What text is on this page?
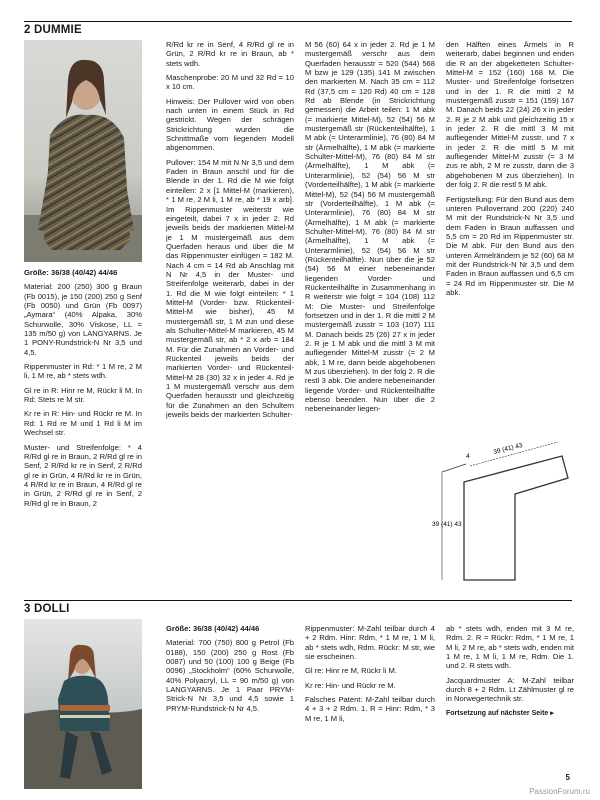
2 DUMMIE

Größe: 36/38 (40/42) 44/46

Material: 200 (250) 300 g Braun (Fb 0015), je 150 (200) 250 g Senf (Fb 0050) und Grün (Fb 0097) „Aymara“ (40% Alpaka, 30% Schurwolle, 30% Viskose, LL = 135 m/50 g) von LANGYARNS. Je 1 PONY-Rundstrick-N Nr 3,5 und 4,5.

Rippenmuster in Rd: * 1 M re, 2 M li, 1 M re, ab * stets wdh.

Gl re in R: Hinr re M, Rückr li M. In Rd: Stets re M str.

Kr re in R: Hin- und Rückr re M. In Rd: 1 Rd re M und 1 Rd li M im Wechsel str.

Muster- und Streifenfolge: * 4 R/Rd gl re in Braun, 2 R/Rd gl re in Senf, 2 R/Rd kr re in Senf, 2 R/Rd gl re in Grün, 4 R/Rd kr re in Grün, 4 R/Rd kr re in Braun, 4 R/Rd gl re in Grün, 2 R/Rd gl re in Senf, 2 R/Rd gl re in Braun, 2

R/Rd kr re in Senf, 4 R/Rd gl re in Grün, 2 R/Rd kr re in Braun, ab * stets wdh.

Maschenprobe: 20 M und 32 Rd = 10 x 10 cm.

Hinweis: Der Pullover wird von oben nach unten in einem Stück in Rd gestrickt. Wegen der schrägen Strickrichtung wurden die Schnittmaße vom liegenden Modell abgenommen.

Pullover: 154 M mit N Nr 3,5 und dem Faden in Braun anschl und für die Blende in der 1. Rd die M wie folgt einteilen: 2 x [1 Mittel-M (markieren), * 1 M re, 2 M li, 1 M re, ab * 19 x arb]. Im Rippenmuster weiterstr wie eingeteilt, dabei 7 x in jeder 2. Rd jeweils beids der markierten Mittel-M je 1 M mustergemäß aus dem Querfaden heraus und über die M das Rippenmuster einfügen = 182 M. Nach 4 cm = 14 Rd ab Anschlag mit N Nr 4,5 in der Muster- und Streifenfolge weiterarb, dabei in der 1. Rd die M wie folgt einteilen: * 1 Mittel-M (Vorder- bzw. Rückenteil-Mittel-M wie bisher), 45 M mustergemäß str, 1 M zun und diese als Schulter-Mittel-M markieren, 45 M mustergemäß str, ab * 2 x arb = 184 M. Für die Zunahmen an Vorder- und Rückenteil jeweils beids der markierten Vorder- und Rückenteil-Mittel-M 28 (30) 32 x in jeder 4. Rd je 1 M mustergemäß verschr aus dem Querfaden herausstr und gleichzeitig für die Zunahmen an den Schultern jeweils beids der markierten Schulter-

M 56 (60) 64 x in jeder 2. Rd je 1 M mustergemäß verschr aus dem Querfaden herausstr = 520 (544) 568 M bzw je 129 (135) 141 M zwischen den markierten M. Nach 35 cm = 112 Rd (37,5 cm = 120 Rd) 40 cm = 128 Rd ab Blende (in Strickrichtung gemessen) die Arbeit teilen: 1 M abk (= markierte Mittel-M), 52 (54) 56 M mustergemäß str (Rückenteilhälfte), 1 M abk (= Unterarmlinie), 76 (80) 84 M str (Ärmelhälfte), 1 M abk (= markierte Schulter-Mittel-M), 76 (80) 84 M str (Ärmelhälfte), 1 M abk (= Unterarmlinie), 52 (54) 56 M str (Vorderteilhälfte), 1 M abk (= markierte Mittel-M), 52 (54) 56 M mustergemäß str (Vorderteilhälfte), 1 M abk (= Unterarmlinie), 76 (80) 84 M str (Ärmelhälfte), 1 M abk (= markierte Schulter-Mittel-M), 76 (80) 84 M str (Ärmelhälfte), 1 M abk (= Unterarmlinie), 52 (54) 56 M str (Rückenteilhälfte). Nun über die je 52 (54) 56 M einer nebeneinander liegenden Vorder- und Rückenteilhälfte in Zusammenhang in R weiterstr wie folgt = 104 (108) 112 M: Die Muster- und Streifenfolge fortsetzen und in der 1. R die mittl 2 M mustergemäß zusstr = 103 (107) 111 M. Danach beids 25 (26) 27 x in jeder 2. R je 1 M abk und die mittl 3 M mit aufliegender Mittel-M zusstr (= 2 M abk, 1 M re, dann beide abgehobenen M zus überziehen). In der folg 2. R die restl 3 abk. Die andere nebeneinander liegende Vorder- und Rückenteilhälfte ebenso beenden. Nun über die 2 nebeneinander liegen-

den Hälften eines Ärmels in R weiterarb, dabei beginnen und enden die R an der abgeketteten Schulter-Mittel-M = 152 (160) 168 M. Die Muster- und Streifenfolge fortsetzen und in der 1. R die mittl 2 M mustergemäß zusstr = 151 (159) 167 M. Danach beids 22 (24) 26 x in jeder 2. R je 2 M abk und gleichzeitig 15 x in jeder 2. R die mittl 3 M mit aufliegender Mittel-M zusstr. und 7 x in jeder 2. R die mittl 5 M mit aufliegender Mittel-M zusstr (= 3 M zus re abh, 2 M re zusstr, dann die 3 abgehobenen M zus überziehen). In der folg 2. R die restl 5 M abk.

Fertigstellung: Für den Bund aus dem unteren Pulloverrand 200 (220) 240 M mit der Rundstrick-N Nr 3,5 und dem Faden in Braun auffassen und 5,5 cm = 20 Rd im Rippenmuster str. Die M abk. Für den Bund aus den unteren Ärmelrändern je 52 (60) 68 M mit der Rundstrick-N Nr 3,5 und dem Faden in Braun auffassen und 6,5 cm = 24 Rd im Rippenmuster str. Die M abk.

4
39 (41) 43
39 (41) 43
3 DOLLI

Größe: 36/38 (40/42) 44/46

Material: 700 (750) 800 g Petrol (Fb 0188), 150 (200) 250 g Rost (Fb 0087) und 50 (100) 100 g Beige (Fb 0096) „Stockholm“ (60% Schurwolle, 40% Polyacryl, LL = 90 m/50 g) von LANGYARNS. Je 1 Paar PRYM-Strick-N Nr 3,5 und 4,5 sowie 1 PRYM-Rundstrick-N Nr 4,5.

Rippenmuster: M-Zahl teilbar durch 4 + 2 Rdm. Hinr: Rdm, * 1 M re, 1 M li, ab * stets wdh, Rdm. Rückr: M str, wie sie erscheinen.

Gl re: Hinr re M, Rückr li M.

Kr re: Hin- und Rückr re M.

Falsches Patent: M-Zahl teilbar durch 4 + 3 + 2 Rdm. 1. R = Hinr: Rdm, * 3 M re, 1 M li,

ab * stets wdh, enden mit 3 M re, Rdm. 2. R = Rückr: Rdm, * 1 M re, 1 M li, 2 M re, ab * stets wdh, enden mit 1 M re, 1 M li, 1 M re, Rdm. Die 1. und 2. R stets wdh.

Jacquardmuster A: M-Zahl teilbar durch 8 + 2 Rdm. Lt Zählmuster gl re in Norwegertechnik str.

Fortsetzung auf nächster Seite ▸

5
PassionForum.ru
